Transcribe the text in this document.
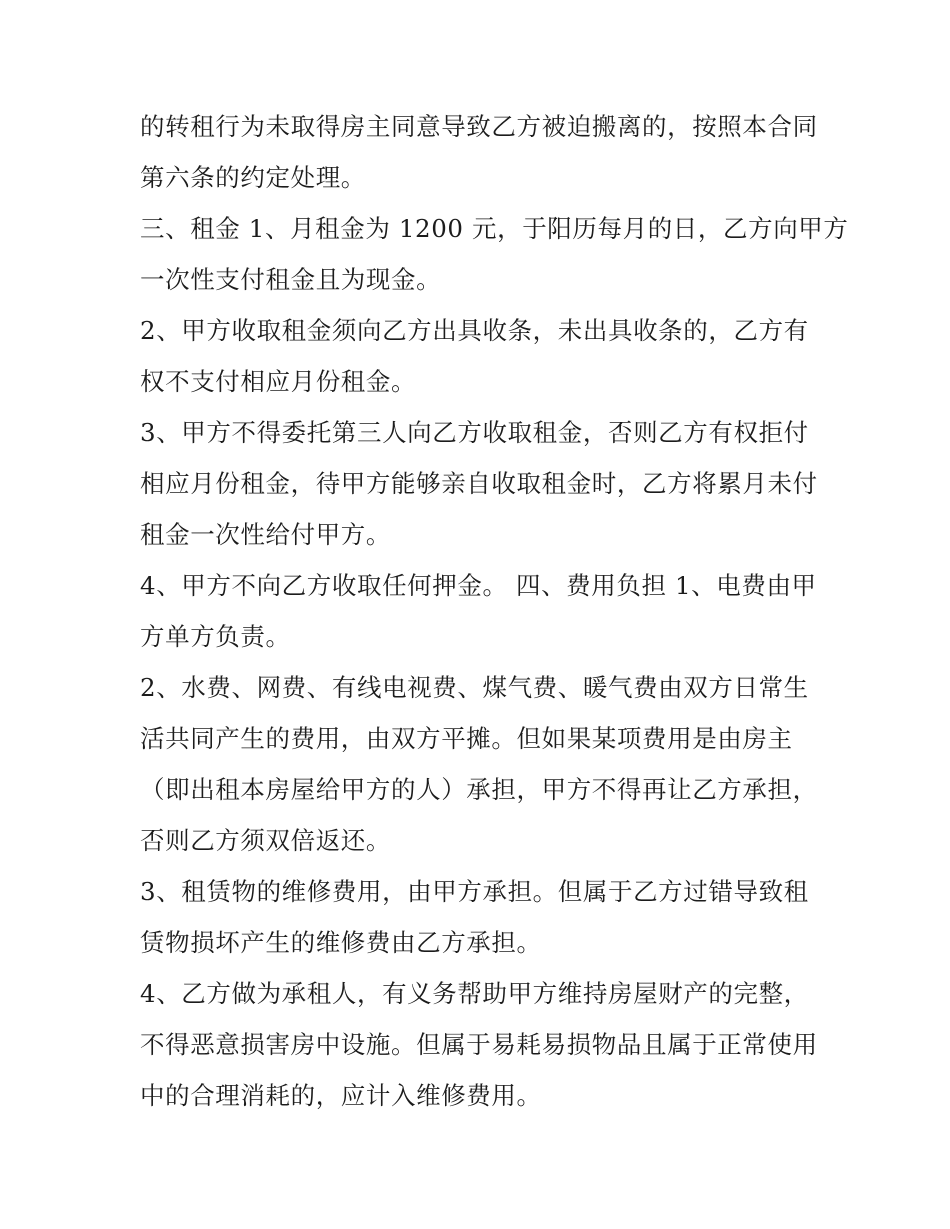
的转租行为未取得房主同意导致乙方被迫搬离的，按照本合同
第六条的约定处理。

三、租金 1、月租金为 1200 元，于阳历每月的日，乙方向甲方
一次性支付租金且为现金。

2、甲方收取租金须向乙方出具收条，未出具收条的，乙方有
权不支付相应月份租金。

3、甲方不得委托第三人向乙方收取租金，否则乙方有权拒付
相应月份租金，待甲方能够亲自收取租金时，乙方将累月未付
租金一次性给付甲方。

4、甲方不向乙方收取任何押金。 四、费用负担 1、电费由甲
方单方负责。

2、水费、网费、有线电视费、煤气费、暖气费由双方日常生
活共同产生的费用，由双方平摊。但如果某项费用是由房主
（即出租本房屋给甲方的人）承担，甲方不得再让乙方承担，
否则乙方须双倍返还。

3、租赁物的维修费用，由甲方承担。但属于乙方过错导致租
赁物损坏产生的维修费由乙方承担。

4、乙方做为承租人，有义务帮助甲方维持房屋财产的完整，
不得恶意损害房中设施。但属于易耗易损物品且属于正常使用
中的合理消耗的，应计入维修费用。
